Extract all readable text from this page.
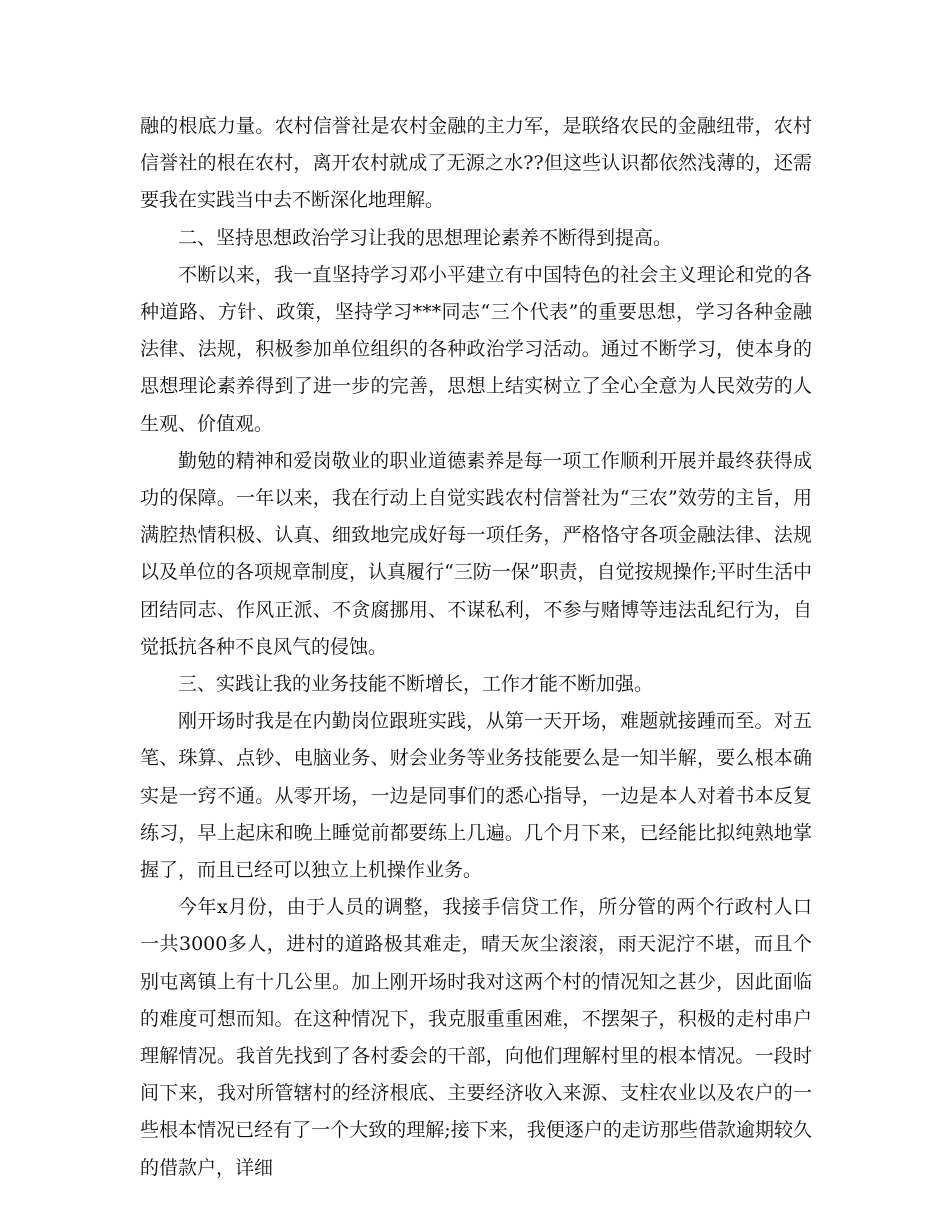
融的根底力量。农村信誉社是农村金融的主力军，是联络农民的金融纽带，农村信誉社的根在农村，离开农村就成了无源之水??但这些认识都依然浅薄的，还需要我在实践当中去不断深化地理解。

二、坚持思想政治学习让我的思想理论素养不断得到提高。

不断以来，我一直坚持学习邓小平建立有中国特色的社会主义理论和党的各种道路、方针、政策，坚持学习***同志“三个代表”的重要思想，学习各种金融法律、法规，积极参加单位组织的各种政治学习活动。通过不断学习，使本身的思想理论素养得到了进一步的完善，思想上结实树立了全心全意为人民效劳的人生观、价值观。

勤勉的精神和爱岗敬业的职业道德素养是每一项工作顺利开展并最终获得成功的保障。一年以来，我在行动上自觉实践农村信誉社为“三农”效劳的主旨，用满腔热情积极、认真、细致地完成好每一项任务，严格恪守各项金融法律、法规以及单位的各项规章制度，认真履行“三防一保”职责，自觉按规操作;平时生活中团结同志、作风正派、不贪腐挪用、不谋私利，不参与赌博等违法乱纪行为，自觉抵抗各种不良风气的侵蚀。

三、实践让我的业务技能不断增长，工作才能不断加强。

刚开场时我是在内勤岗位跟班实践，从第一天开场，难题就接踵而至。对五笔、珠算、点钞、电脑业务、财会业务等业务技能要么是一知半解，要么根本确实是一窍不通。从零开场，一边是同事们的悉心指导，一边是本人对着书本反复练习，早上起床和晚上睡觉前都要练上几遍。几个月下来，已经能比拟纯熟地掌握了，而且已经可以独立上机操作业务。

今年x月份，由于人员的调整，我接手信贷工作，所分管的两个行政村人口一共3000多人，进村的道路极其难走，晴天灰尘滚滚，雨天泥泞不堪，而且个别屯离镇上有十几公里。加上刚开场时我对这两个村的情况知之甚少，因此面临的难度可想而知。在这种情况下，我克服重重困难，不摆架子，积极的走村串户理解情况。我首先找到了各村委会的干部，向他们理解村里的根本情况。一段时间下来，我对所管辖村的经济根底、主要经济收入来源、支柱农业以及农户的一些根本情况已经有了一个大致的理解;接下来，我便逐户的走访那些借款逾期较久的借款户，详细
